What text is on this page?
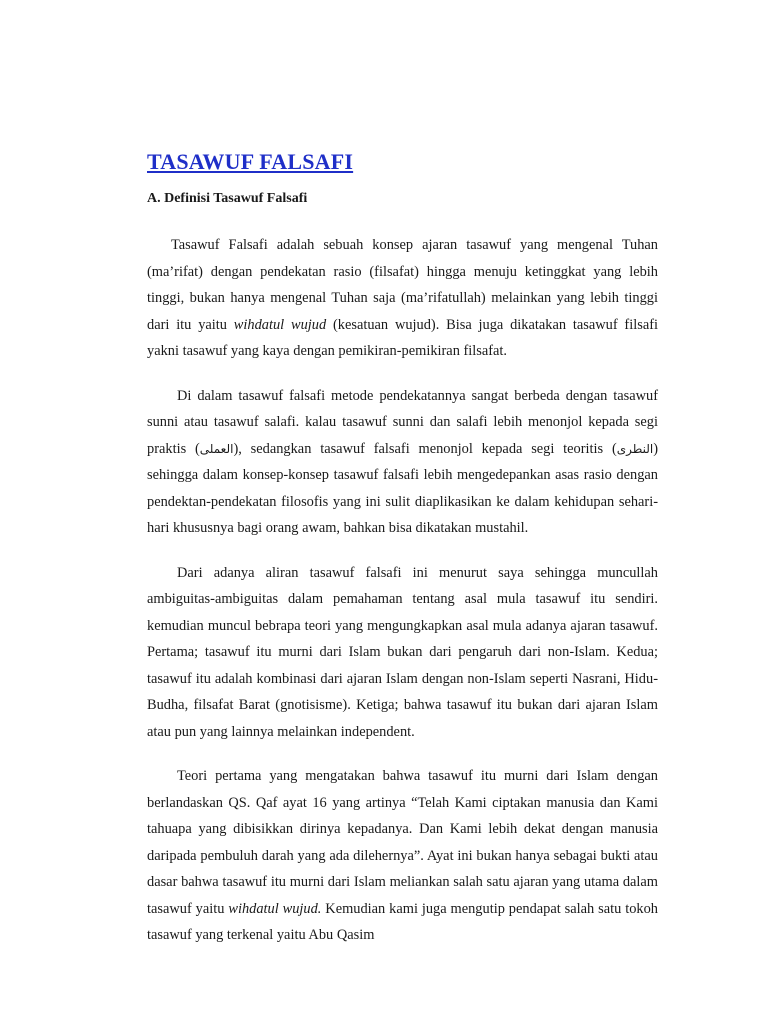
TASAWUF FALSAFI
A. Definisi Tasawuf Falsafi

Tasawuf Falsafi adalah sebuah konsep ajaran tasawuf yang mengenal Tuhan (ma’rifat) dengan pendekatan rasio (filsafat) hingga menuju ketinggkat yang lebih tinggi, bukan hanya mengenal Tuhan saja (ma’rifatullah) melainkan yang lebih tinggi dari itu yaitu wihdatul wujud (kesatuan wujud). Bisa juga dikatakan tasawuf filsafi yakni tasawuf yang kaya dengan pemikiran-pemikiran filsafat.

Di dalam tasawuf falsafi metode pendekatannya sangat berbeda dengan tasawuf sunni atau tasawuf salafi. kalau tasawuf sunni dan salafi lebih menonjol kepada segi praktis (العملى), sedangkan tasawuf falsafi menonjol kepada segi teoritis (النطرى) sehingga dalam konsep-konsep tasawuf falsafi lebih mengedepankan asas rasio dengan pendektan-pendekatan filosofis yang ini sulit diaplikasikan ke dalam kehidupan sehari-hari khususnya bagi orang awam, bahkan bisa dikatakan mustahil.

Dari adanya aliran tasawuf falsafi ini menurut saya sehingga muncullah ambiguitas-ambiguitas dalam pemahaman tentang asal mula tasawuf itu sendiri. kemudian muncul bebrapa teori yang mengungkapkan asal mula adanya ajaran tasawuf. Pertama; tasawuf itu murni dari Islam bukan dari pengaruh dari non-Islam. Kedua; tasawuf itu adalah kombinasi dari ajaran Islam dengan non-Islam seperti Nasrani, Hidu-Budha, filsafat Barat (gnotisisme). Ketiga; bahwa tasawuf itu bukan dari ajaran Islam atau pun yang lainnya melainkan independent.

Teori pertama yang mengatakan bahwa tasawuf itu murni dari Islam dengan berlandaskan QS. Qaf ayat 16 yang artinya “Telah Kami ciptakan manusia dan Kami tahuapa yang dibisikkan dirinya kepadanya. Dan Kami lebih dekat dengan manusia daripada pembuluh darah yang ada dilehernya”. Ayat ini bukan hanya sebagai bukti atau dasar bahwa tasawuf itu murni dari Islam meliankan salah satu ajaran yang utama dalam tasawuf yaitu wihdatul wujud. Kemudian kami juga mengutip pendapat salah satu tokoh tasawuf yang terkenal yaitu Abu Qasim
